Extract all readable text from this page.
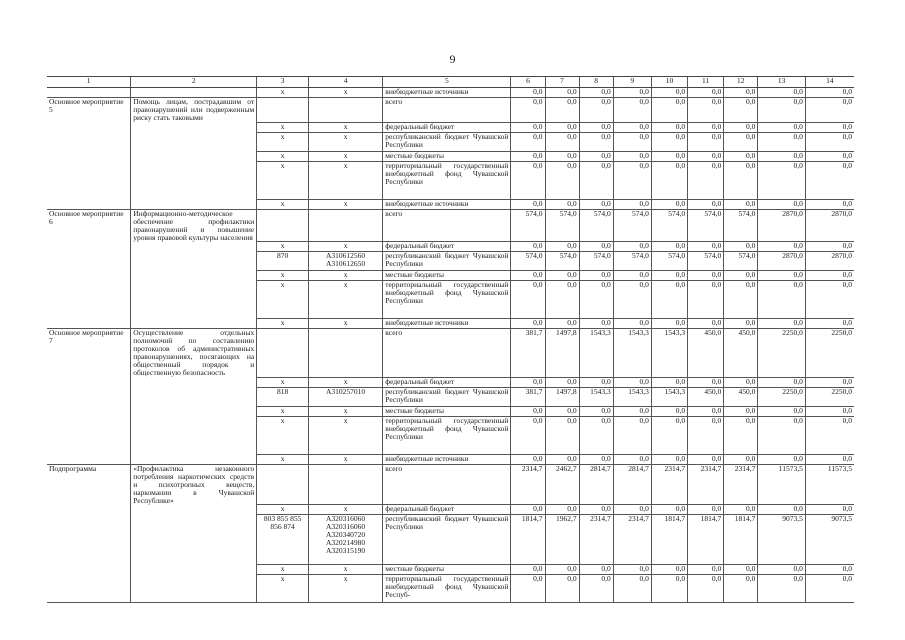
9
1	2	3	4	5	6	7	8	9	10	11	12	13	14
		x	x	внебюджетные источники	0,0	0,0	0,0	0,0	0,0	0,0	0,0	0,0	0,0
Основное мероприятие 5	Помощь лицам, пострадавшим от правонарушений или подверженным риску стать таковыми			всего	0,0	0,0	0,0	0,0	0,0	0,0	0,0	0,0	0,0
		x	x	федеральный бюджет	0,0	0,0	0,0	0,0	0,0	0,0	0,0	0,0	0,0
		x	x	республиканский бюджет Чувашской Республики	0,0	0,0	0,0	0,0	0,0	0,0	0,0	0,0	0,0
		x	x	местные бюджеты	0,0	0,0	0,0	0,0	0,0	0,0	0,0	0,0	0,0
		x	x	территориальный государственный внебюджетный фонд Чувашской Республики	0,0	0,0	0,0	0,0	0,0	0,0	0,0	0,0	0,0
		x	x	внебюджетные источники	0,0	0,0	0,0	0,0	0,0	0,0	0,0	0,0	0,0
Основное мероприятие 6	Информационно-методическое обеспечение профилактики правонарушений и повышение уровня правовой культуры населения			всего	574,0	574,0	574,0	574,0	574,0	574,0	574,0	2870,0	2870,0
		x	x	федеральный бюджет	0,0	0,0	0,0	0,0	0,0	0,0	0,0	0,0	0,0
		870	А310612560 А310612650	республиканский бюджет Чувашской Республики	574,0	574,0	574,0	574,0	574,0	574,0	574,0	2870,0	2870,0
		x	x	местные бюджеты	0,0	0,0	0,0	0,0	0,0	0,0	0,0	0,0	0,0
		x	x	территориальный государственный внебюджетный фонд Чувашской Республики	0,0	0,0	0,0	0,0	0,0	0,0	0,0	0,0	0,0
		x	x	внебюджетные источники	0,0	0,0	0,0	0,0	0,0	0,0	0,0	0,0	0,0
Основное мероприятие 7	Осуществление отдельных полномочий по составлению протоколов об административных правонарушениях, посягающих на общественный порядок и общественную безопасность			всего	381,7	1497,8	1543,3	1543,3	1543,3	450,0	450,0	2250,0	2250,0
		x	x	федеральный бюджет	0,0	0,0	0,0	0,0	0,0	0,0	0,0	0,0	0,0
		818	А310257010	республиканский бюджет Чувашской Республики	381,7	1497,8	1543,3	1543,3	1543,3	450,0	450,0	2250,0	2250,0
		x	x	местные бюджеты	0,0	0,0	0,0	0,0	0,0	0,0	0,0	0,0	0,0
		x	x	территориальный государственный внебюджетный фонд Чувашской Республики	0,0	0,0	0,0	0,0	0,0	0,0	0,0	0,0	0,0
		x	x	внебюджетные источники	0,0	0,0	0,0	0,0	0,0	0,0	0,0	0,0	0,0
Подпрограмма	«Профилактика незаконного потребления наркотических средств и психотропных веществ, наркомании в Чувашской Республике»			всего	2314,7	2462,7	2814,7	2814,7	2314,7	2314,7	2314,7	11573,5	11573,5
		x	x	федеральный бюджет	0,0	0,0	0,0	0,0	0,0	0,0	0,0	0,0	0,0
		803 855 855 856 874	А320316060 А320316060 А320340720 А320214980 А320315190	республиканский бюджет Чувашской Республики	1814,7	1962,7	2314,7	2314,7	1814,7	1814,7	1814,7	9073,5	9073,5
		x	x	местные бюджеты	0,0	0,0	0,0	0,0	0,0	0,0	0,0	0,0	0,0
		x	x	территориальный государственный внебюджетный фонд Чувашской Респуб-	0,0	0,0	0,0	0,0	0,0	0,0	0,0	0,0	0,0
